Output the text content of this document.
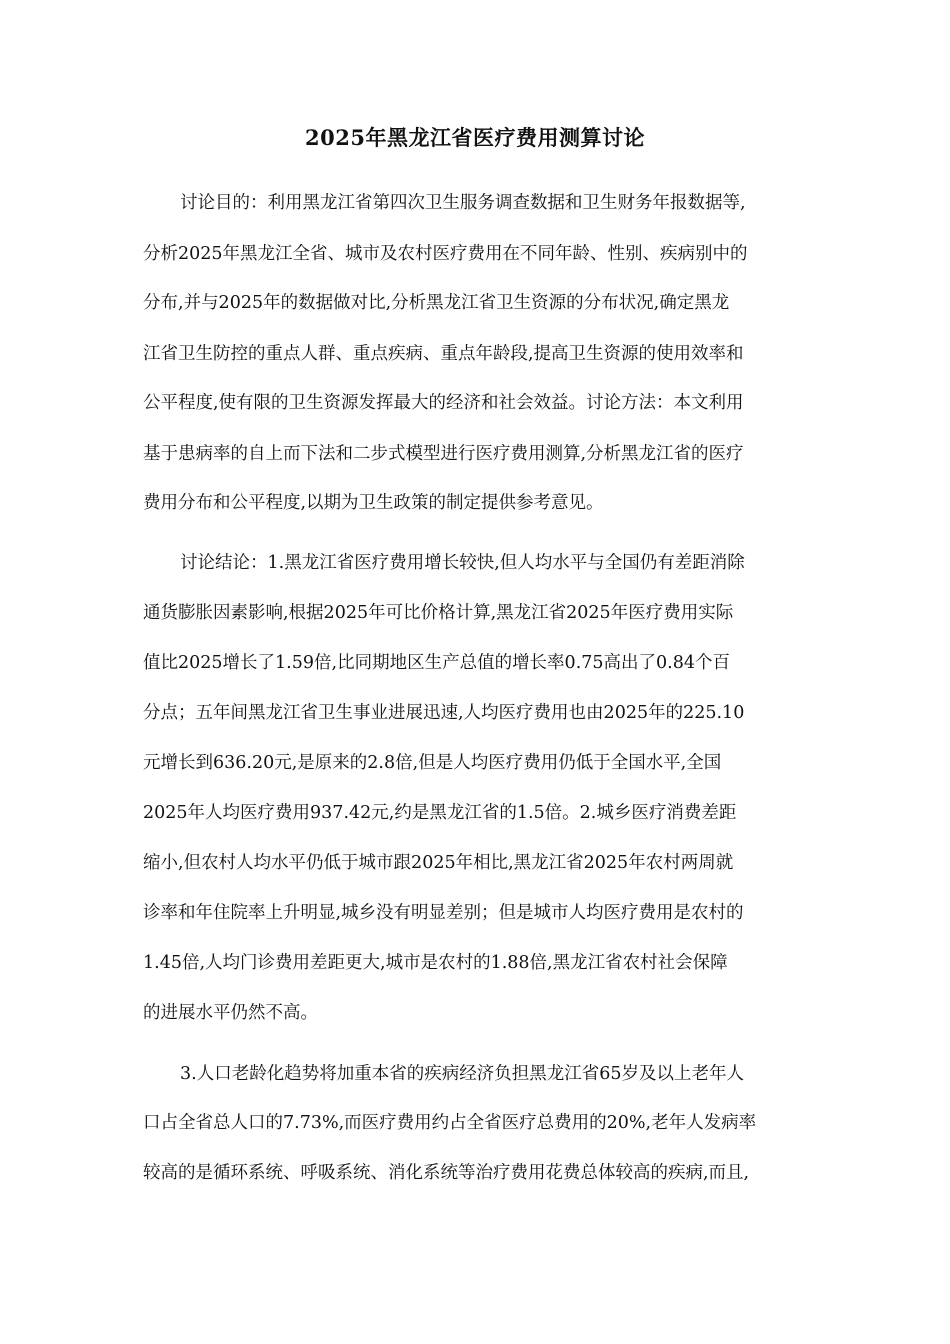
2025年黑龙江省医疗费用测算讨论

讨论目的：利用黑龙江省第四次卫生服务调查数据和卫生财务年报数据等,

分析2025年黑龙江全省、城市及农村医疗费用在不同年龄、性别、疾病别中的

分布,并与2025年的数据做对比,分析黑龙江省卫生资源的分布状况,确定黑龙

江省卫生防控的重点人群、重点疾病、重点年龄段,提高卫生资源的使用效率和

公平程度,使有限的卫生资源发挥最大的经济和社会效益。讨论方法：本文利用

基于患病率的自上而下法和二步式模型进行医疗费用测算,分析黑龙江省的医疗

费用分布和公平程度,以期为卫生政策的制定提供参考意见。

讨论结论：1.黑龙江省医疗费用增长较快,但人均水平与全国仍有差距消除

通货膨胀因素影响,根据2025年可比价格计算,黑龙江省2025年医疗费用实际

值比2025增长了1.59倍,比同期地区生产总值的增长率0.75高出了0.84个百

分点；五年间黑龙江省卫生事业进展迅速,人均医疗费用也由2025年的225.10

元增长到636.20元,是原来的2.8倍,但是人均医疗费用仍低于全国水平,全国

2025年人均医疗费用937.42元,约是黑龙江省的1.5倍。2.城乡医疗消费差距

缩小,但农村人均水平仍低于城市跟2025年相比,黑龙江省2025年农村两周就

诊率和年住院率上升明显,城乡没有明显差别；但是城市人均医疗费用是农村的

1.45倍,人均门诊费用差距更大,城市是农村的1.88倍,黑龙江省农村社会保障

的进展水平仍然不高。

3.人口老龄化趋势将加重本省的疾病经济负担黑龙江省65岁及以上老年人

口占全省总人口的7.73%,而医疗费用约占全省医疗总费用的20%,老年人发病率

较高的是循环系统、呼吸系统、消化系统等治疗费用花费总体较高的疾病,而且,
